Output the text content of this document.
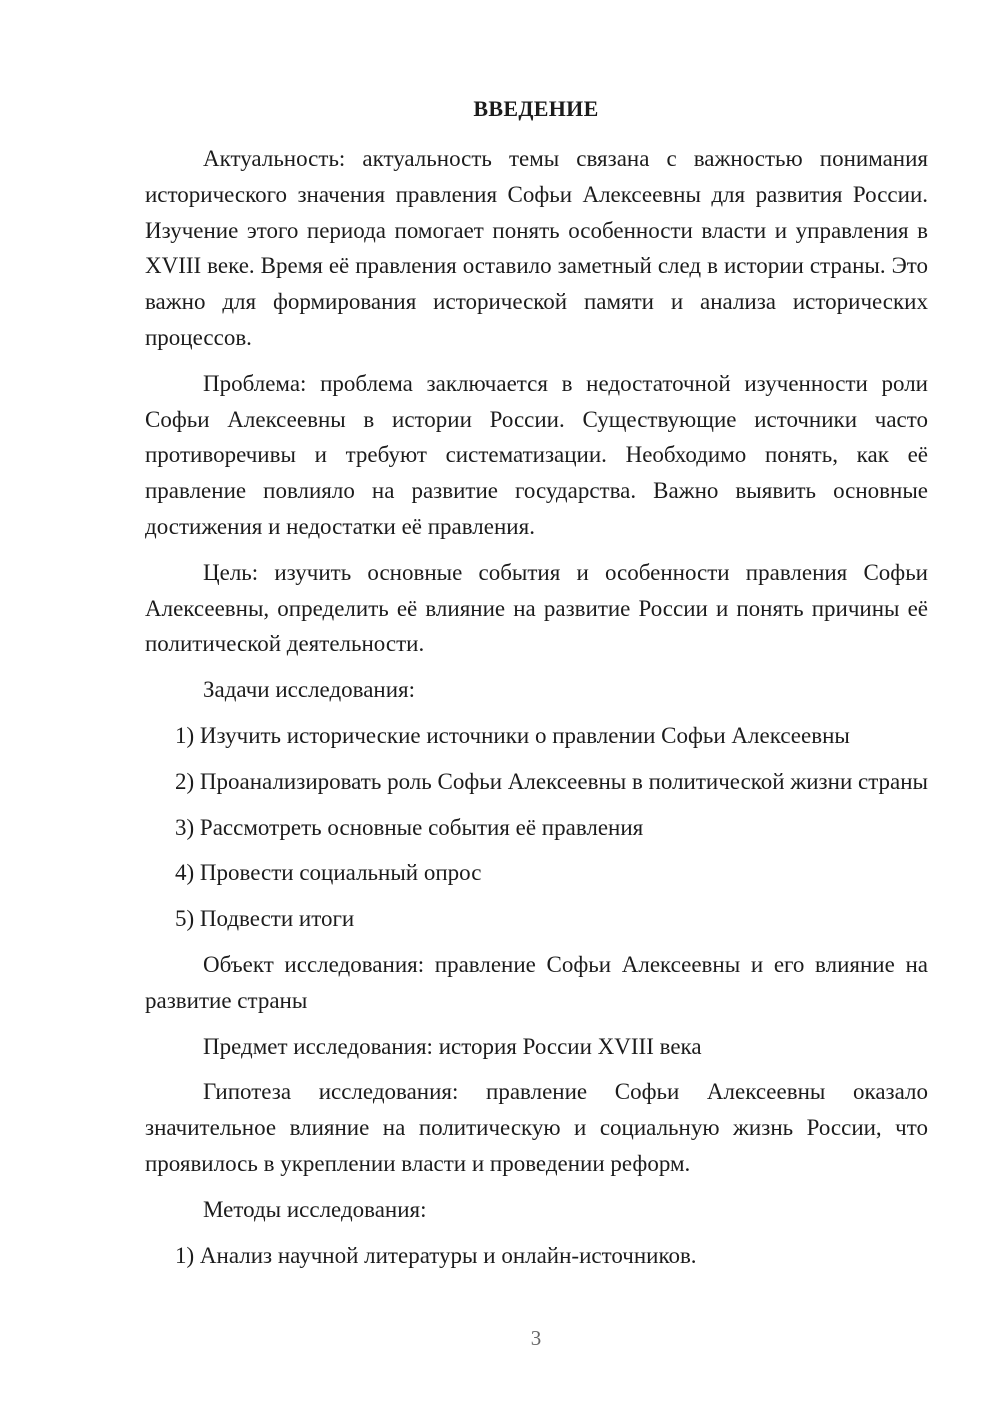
ВВЕДЕНИЕ

Актуальность: актуальность темы связана с важностью понимания исторического значения правления Софьи Алексеевны для развития России. Изучение этого периода помогает понять особенности власти и управления в XVIII веке. Время её правления оставило заметный след в истории страны. Это важно для формирования исторической памяти и анализа исторических процессов.

Проблема: проблема заключается в недостаточной изученности роли Софьи Алексеевны в истории России. Существующие источники часто противоречивы и требуют систематизации. Необходимо понять, как её правление повлияло на развитие государства. Важно выявить основные достижения и недостатки её правления.

Цель: изучить основные события и особенности правления Софьи Алексеевны, определить её влияние на развитие России и понять причины её политической деятельности.

Задачи исследования:

1) Изучить исторические источники о правлении Софьи Алексеевны

2) Проанализировать роль Софьи Алексеевны в политической жизни страны

3) Рассмотреть основные события её правления

4) Провести социальный опрос

5) Подвести итоги

Объект исследования: правление Софьи Алексеевны и его влияние на развитие страны

Предмет исследования: история России XVIII века

Гипотеза исследования: правление Софьи Алексеевны оказало значительное влияние на политическую и социальную жизнь России, что проявилось в укреплении власти и проведении реформ.

Методы исследования:

1) Анализ научной литературы и онлайн-источников.

3
